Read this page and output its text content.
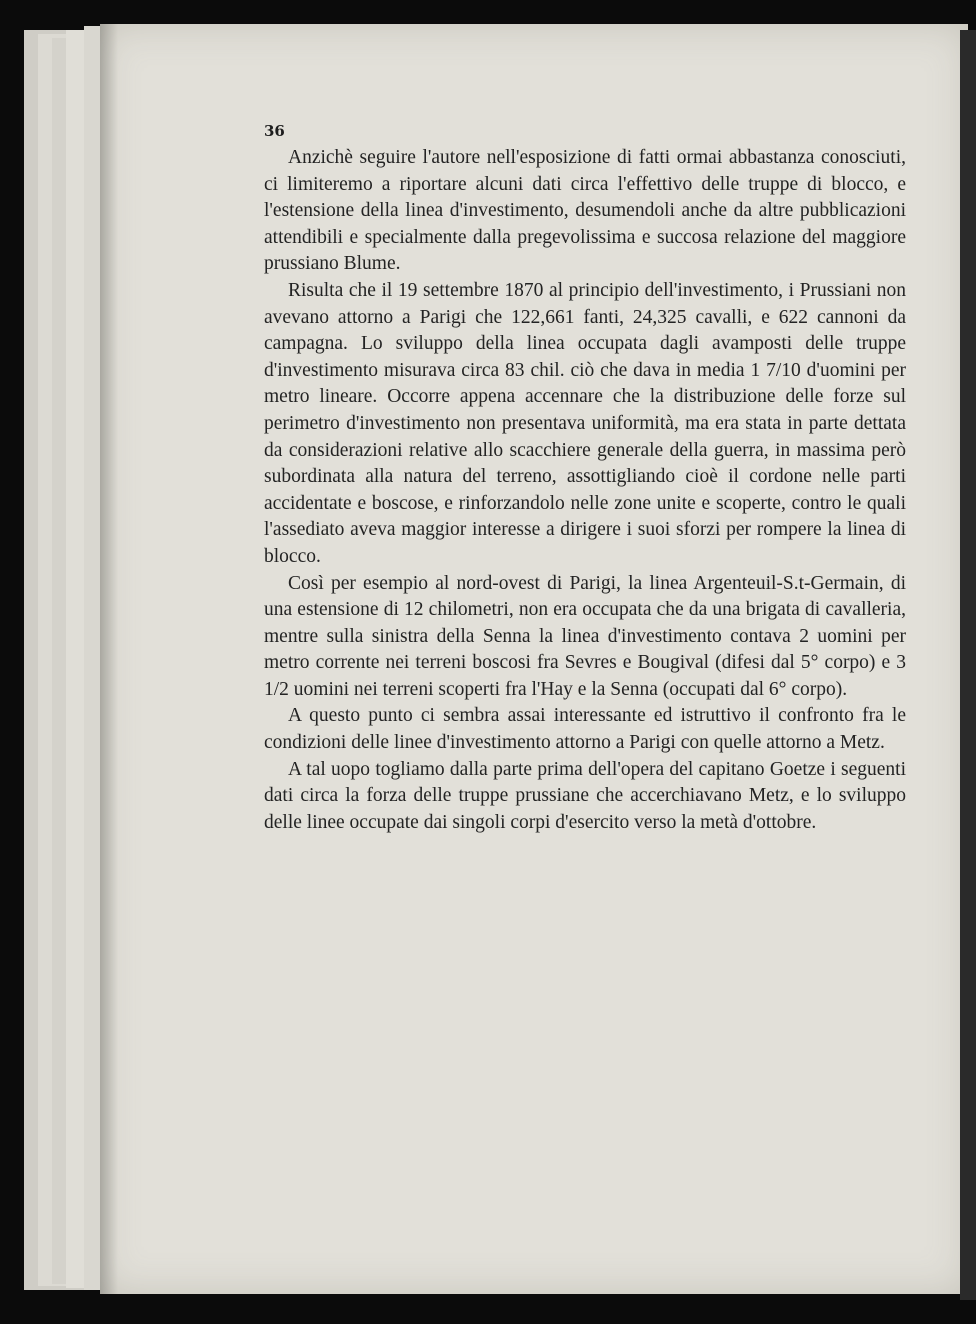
36

Anzichè seguire l'autore nell'esposizione di fatti ormai abbastanza conosciuti, ci limiteremo a riportare alcuni dati circa l'effettivo delle truppe di blocco, e l'estensione della linea d'investimento, desumendoli anche da altre pubblicazioni attendibili e specialmente dalla pregevolissima e succosa relazione del maggiore prussiano Blume.

Risulta che il 19 settembre 1870 al principio dell'investimento, i Prussiani non avevano attorno a Parigi che 122,661 fanti, 24,325 cavalli, e 622 cannoni da campagna. Lo sviluppo della linea occupata dagli avamposti delle truppe d'investimento misurava circa 83 chil. ciò che dava in media 1 7/10 d'uomini per metro lineare. Occorre appena accennare che la distribuzione delle forze sul perimetro d'investimento non presentava uniformità, ma era stata in parte dettata da considerazioni relative allo scacchiere generale della guerra, in massima però subordinata alla natura del terreno, assottigliando cioè il cordone nelle parti accidentate e boscose, e rinforzandolo nelle zone unite e scoperte, contro le quali l'assediato aveva maggior interesse a dirigere i suoi sforzi per rompere la linea di blocco.

Così per esempio al nord-ovest di Parigi, la linea Argenteuil-S.t-Germain, di una estensione di 12 chilometri, non era occupata che da una brigata di cavalleria, mentre sulla sinistra della Senna la linea d'investimento contava 2 uomini per metro corrente nei terreni boscosi fra Sevres e Bougival (difesi dal 5° corpo) e 3 1/2 uomini nei terreni scoperti fra l'Hay e la Senna (occupati dal 6° corpo).

A questo punto ci sembra assai interessante ed istruttivo il confronto fra le condizioni delle linee d'investimento attorno a Parigi con quelle attorno a Metz.

A tal uopo togliamo dalla parte prima dell'opera del capitano Goetze i seguenti dati circa la forza delle truppe prussiane che accerchiavano Metz, e lo sviluppo delle linee occupate dai singoli corpi d'esercito verso la metà d'ottobre.
